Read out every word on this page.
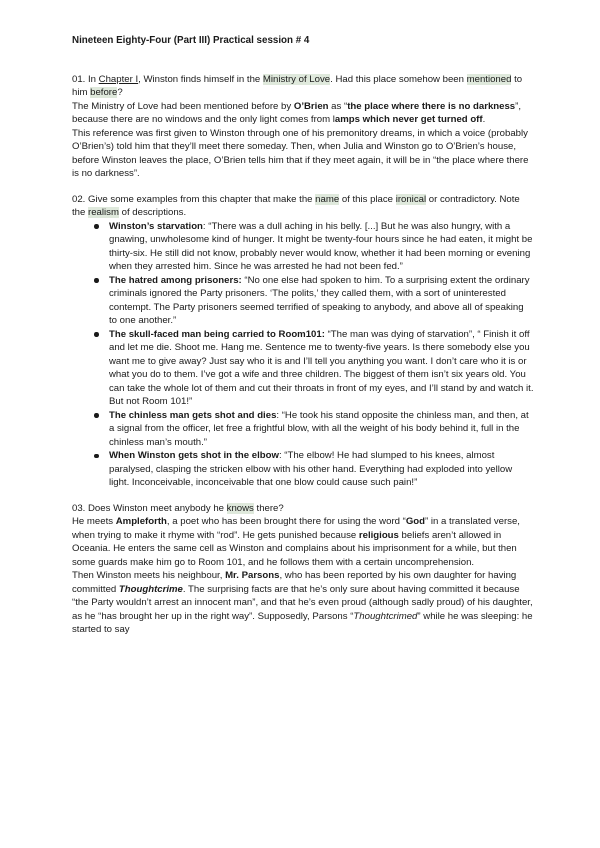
Nineteen Eighty-Four (Part III) Practical session # 4

01. In Chapter I, Winston finds himself in the Ministry of Love. Had this place somehow been mentioned to him before?

The Ministry of Love had been mentioned before by O’Brien as “the place where there is no darkness”, because there are no windows and the only light comes from lamps which never get turned off.

This reference was first given to Winston through one of his premonitory dreams, in which a voice (probably O’Brien’s) told him that they’ll meet there someday. Then, when Julia and Winston go to O’Brien’s house, before Winston leaves the place, O’Brien tells him that if they meet again, it will be in “the place where there is no darkness”.

02. Give some examples from this chapter that make the name of this place ironical or contradictory. Note the realism of descriptions.

Winston’s starvation: “There was a dull aching in his belly. [...] But he was also hungry, with a gnawing, unwholesome kind of hunger. It might be twenty-four hours since he had eaten, it might be thirty-six. He still did not know, probably never would know, whether it had been morning or evening when they arrested him. Since he was arrested he had not been fed.”
The hatred among prisoners: “No one else had spoken to him. To a surprising extent the ordinary criminals ignored the Party prisoners. ‘The polits,’ they called them, with a sort of uninterested contempt. The Party prisoners seemed terrified of speaking to anybody, and above all of speaking to one another.”
The skull-faced man being carried to Room101: “The man was dying of starvation”, “ Finish it off and let me die. Shoot me. Hang me. Sentence me to twenty-five years. Is there somebody else you want me to give away? Just say who it is and I’ll tell you anything you want. I don’t care who it is or what you do to them. I’ve got a wife and three children. The biggest of them isn’t six years old. You can take the whole lot of them and cut their throats in front of my eyes, and I’ll stand by and watch it. But not Room 101!”
The chinless man gets shot and dies: “He took his stand opposite the chinless man, and then, at a signal from the officer, let free a frightful blow, with all the weight of his body behind it, full in the chinless man’s mouth.”
When Winston gets shot in the elbow: “The elbow! He had slumped to his knees, almost paralysed, clasping the stricken elbow with his other hand. Everything had exploded into yellow light. Inconceivable, inconceivable that one blow could cause such pain!”

03. Does Winston meet anybody he knows there?

He meets Ampleforth, a poet who has been brought there for using the word “God” in a translated verse, when trying to make it rhyme with “rod”. He gets punished because religious beliefs aren’t allowed in Oceania. He enters the same cell as Winston and complains about his imprisonment for a while, but then some guards make him go to Room 101, and he follows them with a certain uncomprehension.

Then Winston meets his neighbour, Mr. Parsons, who has been reported by his own daughter for having committed Thoughtcrime. The surprising facts are that he’s only sure about having committed it because “the Party wouldn’t arrest an innocent man”, and that he’s even proud (although sadly proud) of his daughter, as he “has brought her up in the right way”. Supposedly, Parsons “Thoughtcrimed” while he was sleeping: he started to say
